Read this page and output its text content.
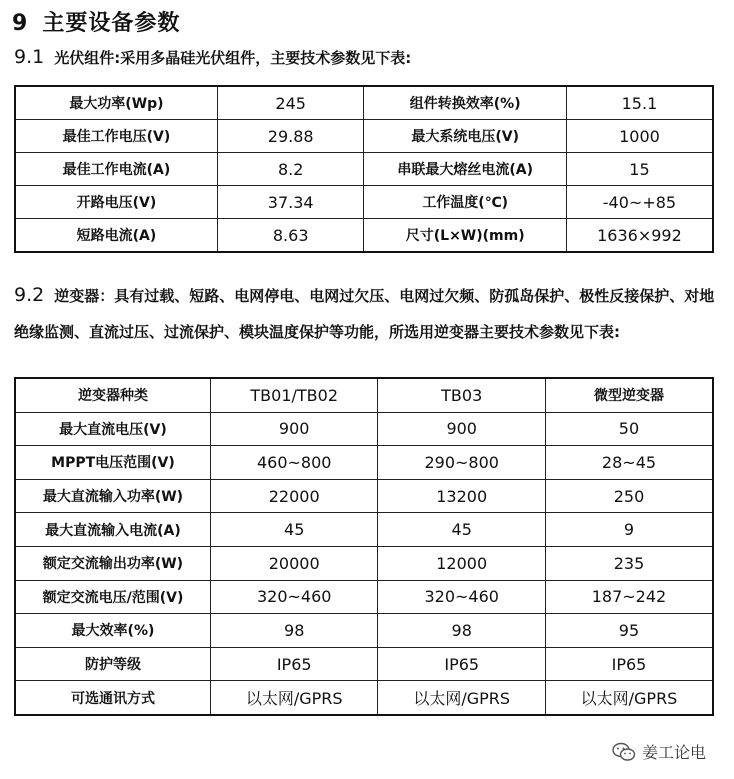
9 主要设备参数
9.1 光伏组件:采用多晶硅光伏组件，主要技术参数见下表:
最大功率(Wp)	245	组件转换效率(%)	15.1
最佳工作电压(V)	29.88	最大系统电压(V)	1000
最佳工作电流(A)	8.2	串联最大熔丝电流(A)	15
开路电压(V)	37.34	工作温度(℃)	-40~+85
短路电流(A)	8.63	尺寸(L×W)(mm)	1636×992
9.2 逆变器：具有过载、短路、电网停电、电网过欠压、电网过欠频、防孤岛保护、极性反接保护、对地
绝缘监测、直流过压、过流保护、模块温度保护等功能，所选用逆变器主要技术参数见下表:
逆变器种类	TB01/TB02	TB03	微型逆变器
最大直流电压(V)	900	900	50
MPPT电压范围(V)	460~800	290~800	28~45
最大直流输入功率(W)	22000	13200	250
最大直流输入电流(A)	45	45	9
额定交流输出功率(W)	20000	12000	235
额定交流电压/范围(V)	320~460	320~460	187~242
最大效率(%)	98	98	95
防护等级	IP65	IP65	IP65
可选通讯方式	以太网/GPRS	以太网/GPRS	以太网/GPRS
姜工论电
